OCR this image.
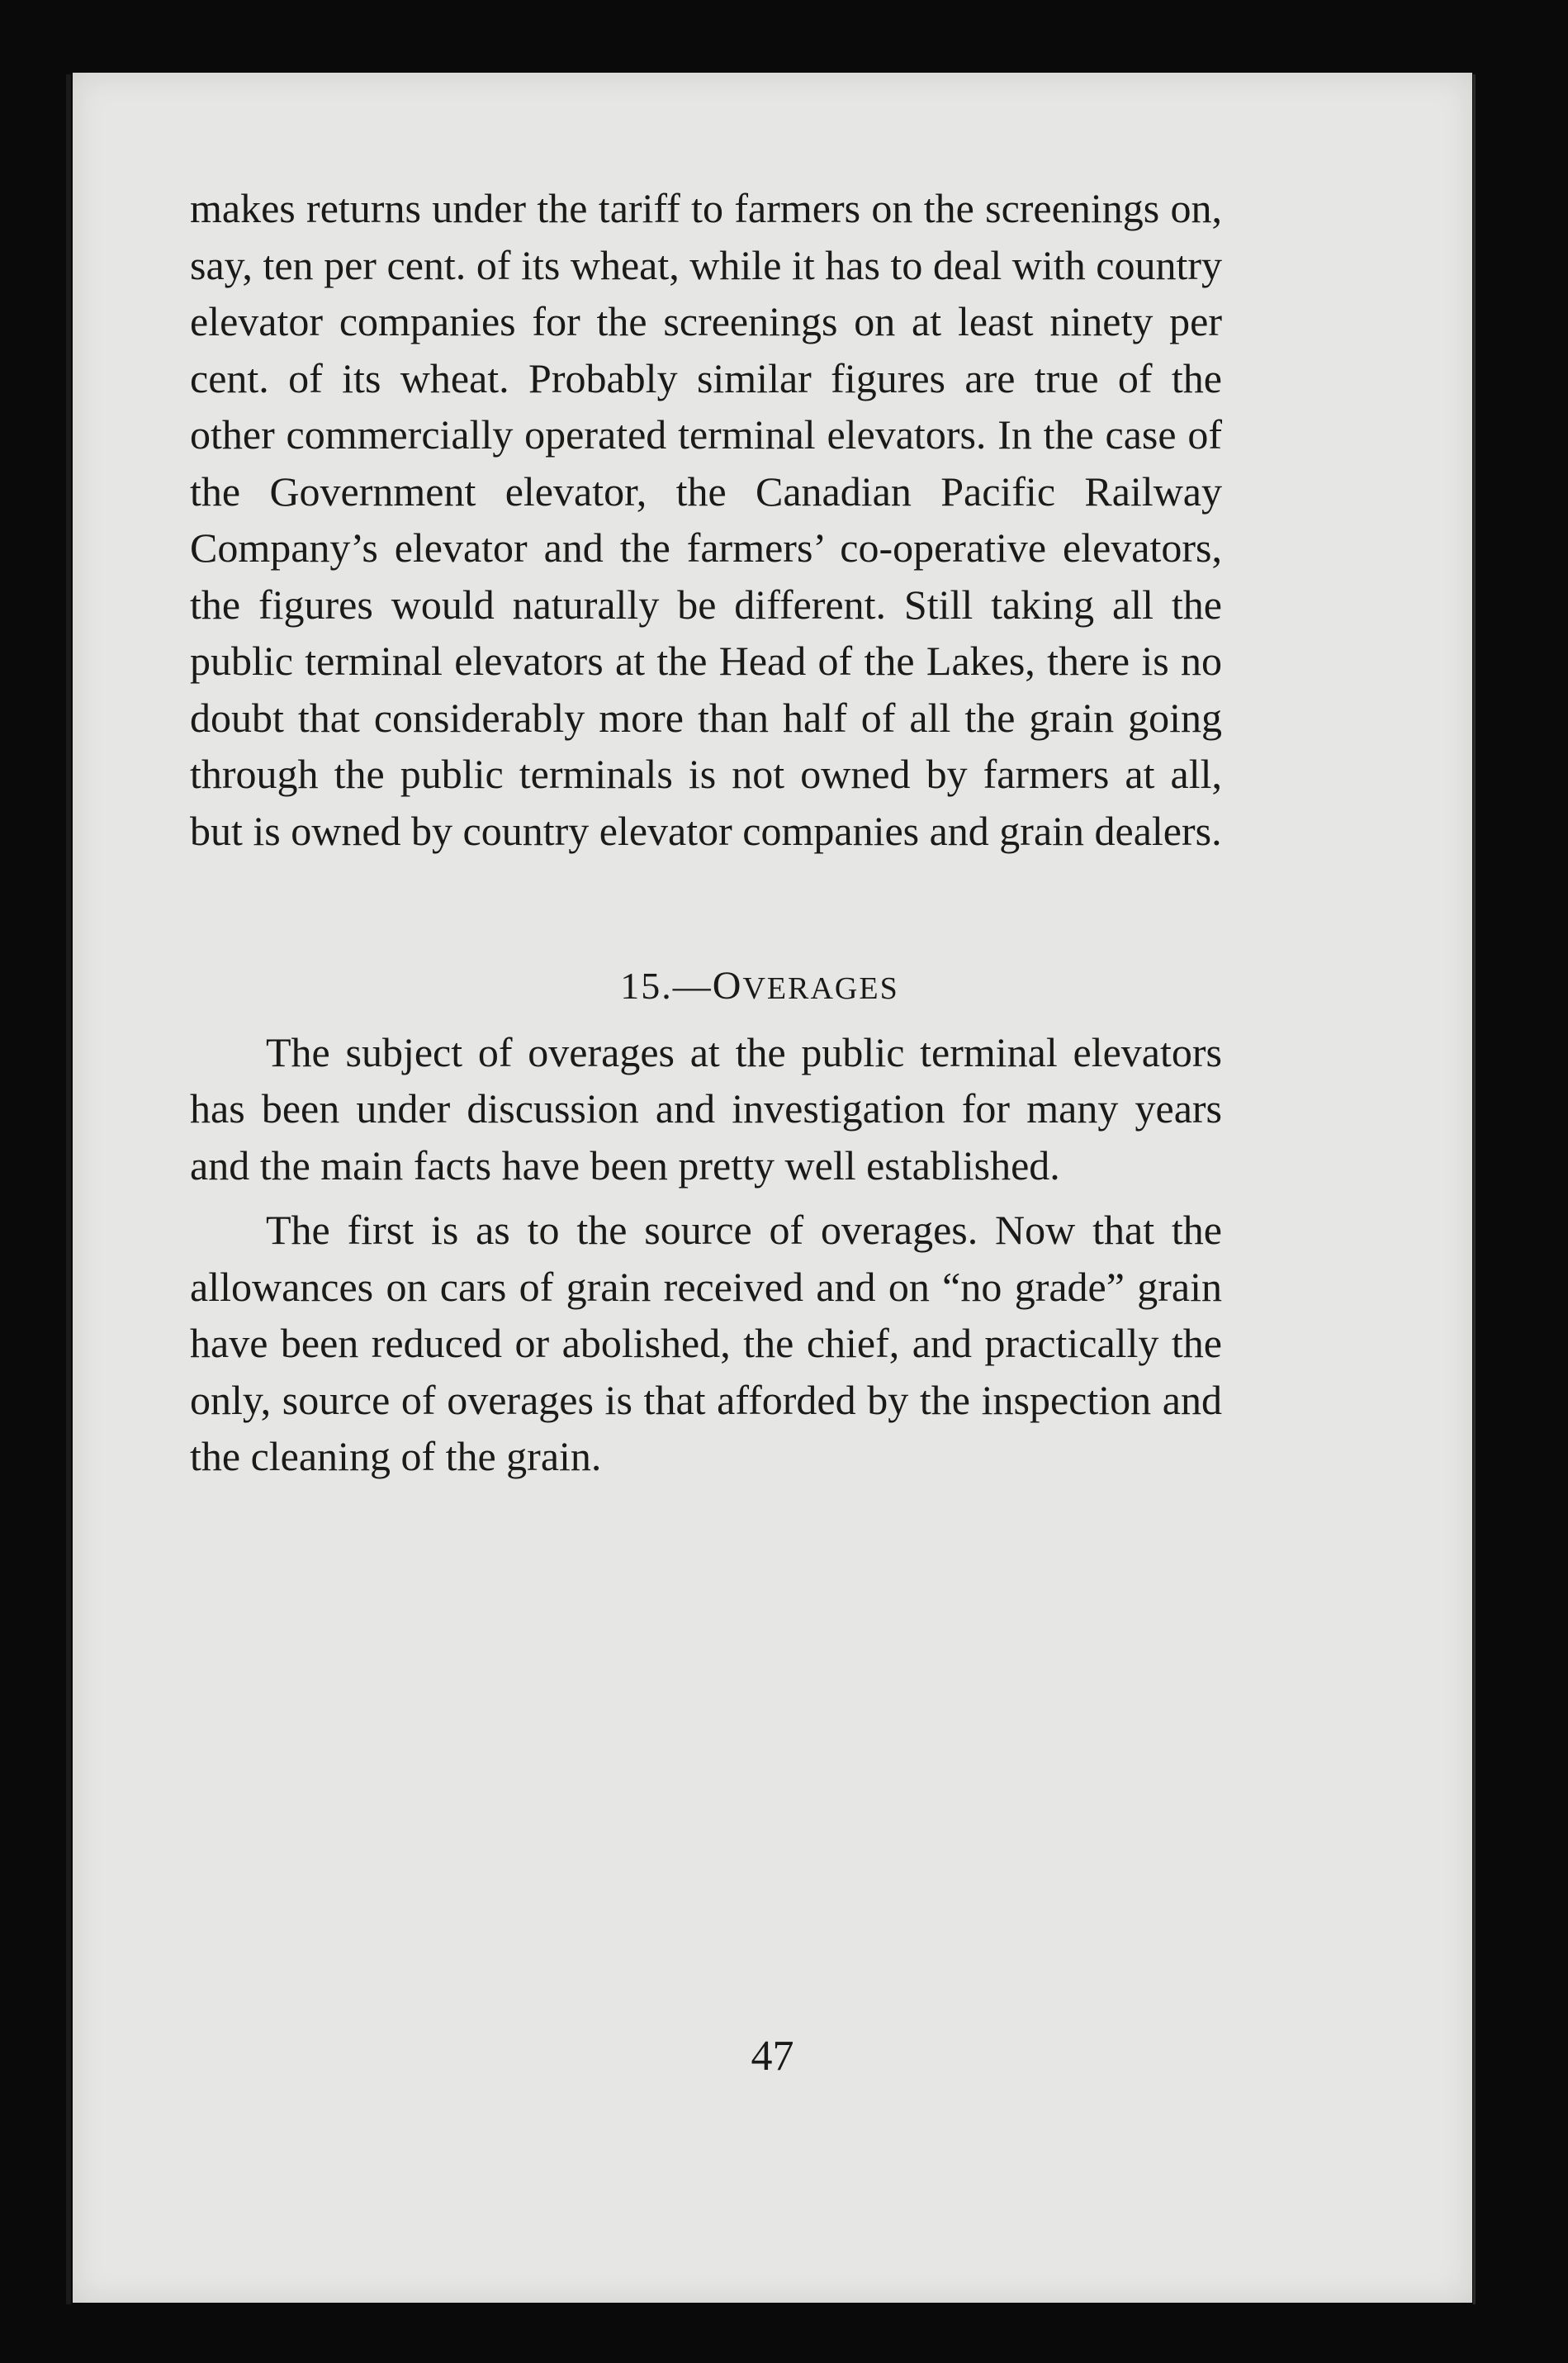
makes returns under the tariff to farmers on the screenings on, say, ten per cent. of its wheat, while it has to deal with country elevator companies for the screenings on at least ninety per cent. of its wheat. Probably similar figures are true of the other commercially operated terminal elevators. In the case of the Government elevator, the Canadian Pacific Railway Company’s elevator and the farmers’ co-operative elevators, the figures would naturally be different. Still taking all the public terminal elevators at the Head of the Lakes, there is no doubt that considerably more than half of all the grain going through the public terminals is not owned by farmers at all, but is owned by country elevator companies and grain dealers.

15.—OVERAGES

The subject of overages at the public terminal elevators has been under discussion and investigation for many years and the main facts have been pretty well established.

The first is as to the source of overages. Now that the allowances on cars of grain received and on “no grade” grain have been reduced or abolished, the chief, and practically the only, source of overages is that afforded by the inspection and the cleaning of the grain.

47
